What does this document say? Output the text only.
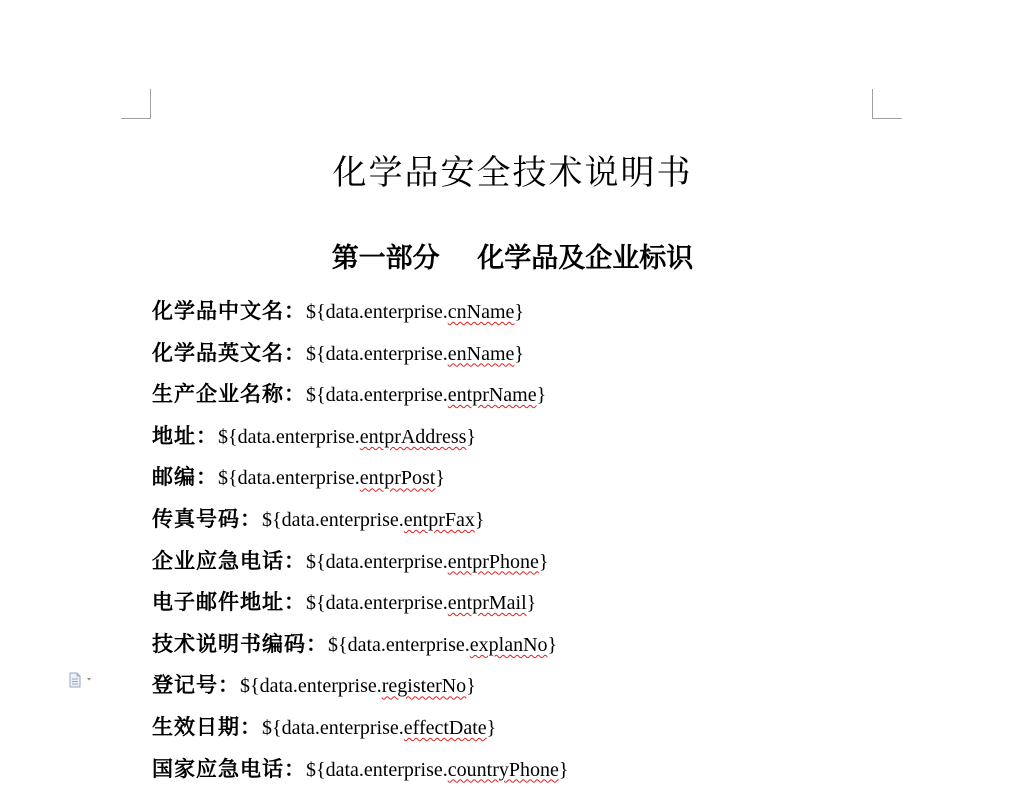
化学品安全技术说明书
第一部分    化学品及企业标识
化学品中文名：${data.enterprise.cnName}
化学品英文名：${data.enterprise.enName}
生产企业名称：${data.enterprise.entprName}
地址：${data.enterprise.entprAddress}
邮编：${data.enterprise.entprPost}
传真号码：${data.enterprise.entprFax}
企业应急电话：${data.enterprise.entprPhone}
电子邮件地址：${data.enterprise.entprMail}
技术说明书编码：${data.enterprise.explanNo}
登记号：${data.enterprise.registerNo}
生效日期：${data.enterprise.effectDate}
国家应急电话：${data.enterprise.countryPhone}
